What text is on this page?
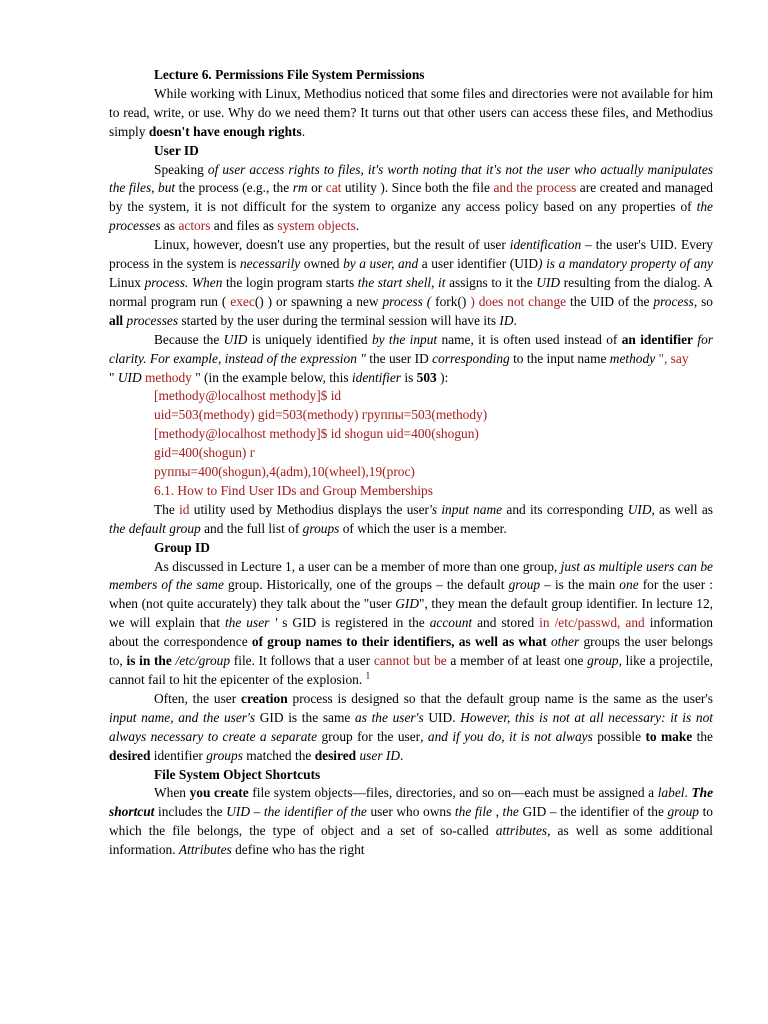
Lecture 6. Permissions File System Permissions

While working with Linux, Methodius noticed that some files and directories were not available for him to read, write, or use. Why do we need them? It turns out that other users can access these files, and Methodius simply doesn't have enough rights.

User ID

Speaking of user access rights to files, it's worth noting that it's not the user who actually manipulates the files, but the process (e.g., the rm or cat utility ). Since both the file and the process are created and managed by the system, it is not difficult for the system to organize any access policy based on any properties of the processes as actors and files as system objects.

Linux, however, doesn't use any properties, but the result of user identification – the user's UID. Every process in the system is necessarily owned by a user, and a user identifier (UID) is a mandatory property of any Linux process. When the login program starts the start shell, it assigns to it the UID resulting from the dialog. A normal program run ( exec() ) or spawning a new process ( fork() ) does not change the UID of the process, so all processes started by the user during the terminal session will have its ID.

Because the UID is uniquely identified by the input name, it is often used instead of an identifier for clarity. For example, instead of the expression " the user ID corresponding to the input name methody ", say
" UID methody " (in the example below, this identifier is 503 ):

[methody@localhost methody]$ id
uid=503(methody) gid=503(methody) группы=503(methody)
[methody@localhost methody]$ id shogun uid=400(shogun)
gid=400(shogun) г
руппы=400(shogun),4(adm),10(wheel),19(proc)
6.1. How to Find User IDs and Group Memberships

The id utility used by Methodius displays the user's input name and its corresponding UID, as well as the default group and the full list of groups of which the user is a member.

Group ID

As discussed in Lecture 1, a user can be a member of more than one group, just as multiple users can be members of the same group. Historically, one of the groups – the default group – is the main one for the user : when (not quite accurately) they talk about the "user GID", they mean the default group identifier. In lecture 12, we will explain that the user ' s GID is registered in the account and stored in /etc/passwd, and information about the correspondence of group names to their identifiers, as well as what other groups the user belongs to, is in the /etc/group file. It follows that a user cannot but be a member of at least one group, like a projectile, cannot fail to hit the epicenter of the explosion. $^1$

Often, the user creation process is designed so that the default group name is the same as the user's input name, and the user's GID is the same as the user's UID. However, this is not at all necessary: it is not always necessary to create a separate group for the user, and if you do, it is not always possible to make the desired identifier groups matched the desired user ID.

File System Object Shortcuts

When you create file system objects—files, directories, and so on—each must be assigned a label. The shortcut includes the UID – the identifier of the user who owns the file , the GID – the identifier of the group to which the file belongs, the type of object and a set of so-called attributes, as well as some additional information. Attributes define who has the right
